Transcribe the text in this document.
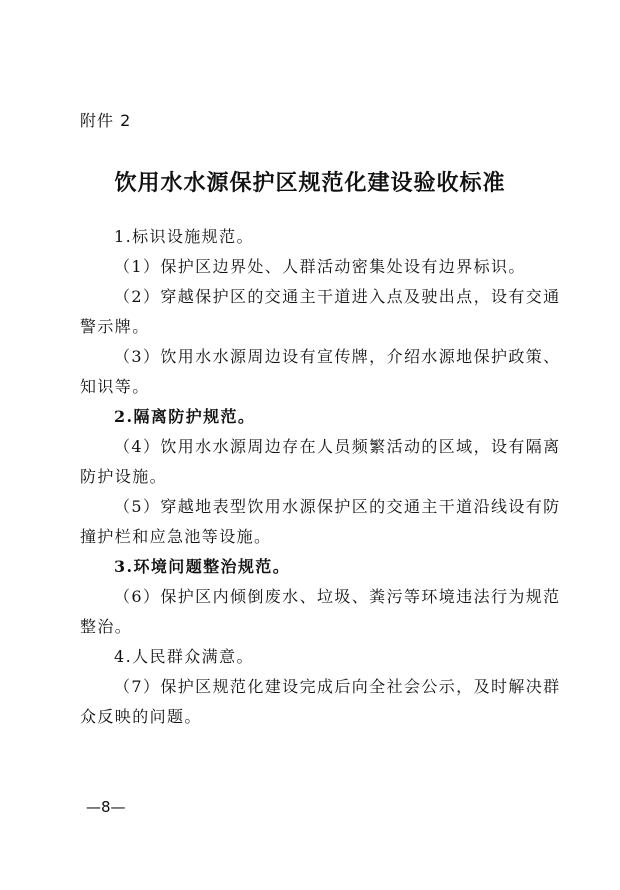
附件 2
饮用水水源保护区规范化建设验收标准
1.标识设施规范。
（1）保护区边界处、人群活动密集处设有边界标识。
（2）穿越保护区的交通主干道进入点及驶出点，设有交通
警示牌。
（3）饮用水水源周边设有宣传牌，介绍水源地保护政策、
知识等。
2.隔离防护规范。
（4）饮用水水源周边存在人员频繁活动的区域，设有隔离
防护设施。
（5）穿越地表型饮用水源保护区的交通主干道沿线设有防
撞护栏和应急池等设施。
3.环境问题整治规范。
（6）保护区内倾倒废水、垃圾、粪污等环境违法行为规范
整治。
4.人民群众满意。
（7）保护区规范化建设完成后向全社会公示，及时解决群
众反映的问题。
—8—
